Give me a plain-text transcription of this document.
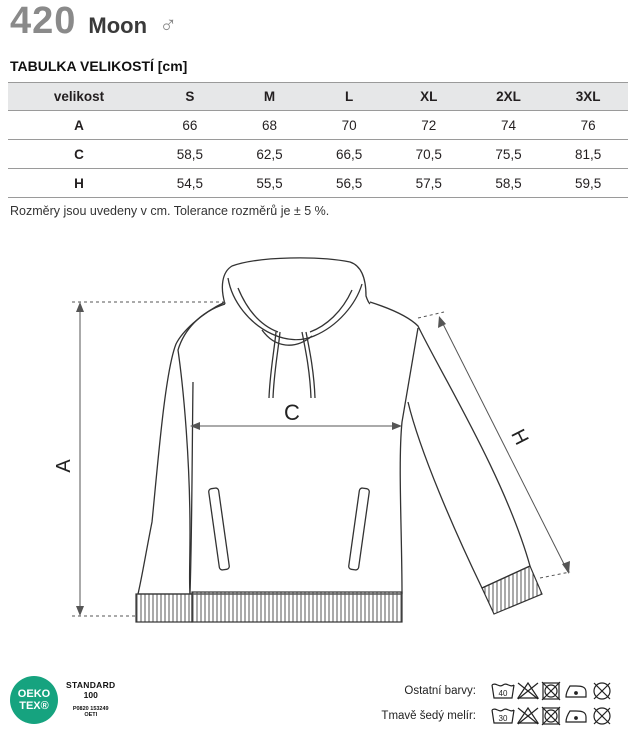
420 Moon ♂
TABULKA VELIKOSTÍ [cm]
velikost	S	M	L	XL	2XL	3XL
A	66	68	70	72	74	76
C	58,5	62,5	66,5	70,5	75,5	81,5
H	54,5	55,5	56,5	57,5	58,5	59,5
Rozměry jsou uvedeny v cm. Tolerance rozměrů je ± 5 %.
A
C
H
OEKO
TEX®
STANDARD
100
P0820 153249
OETI
Ostatní barvy:
Tmavě šedý melír:
40
30
